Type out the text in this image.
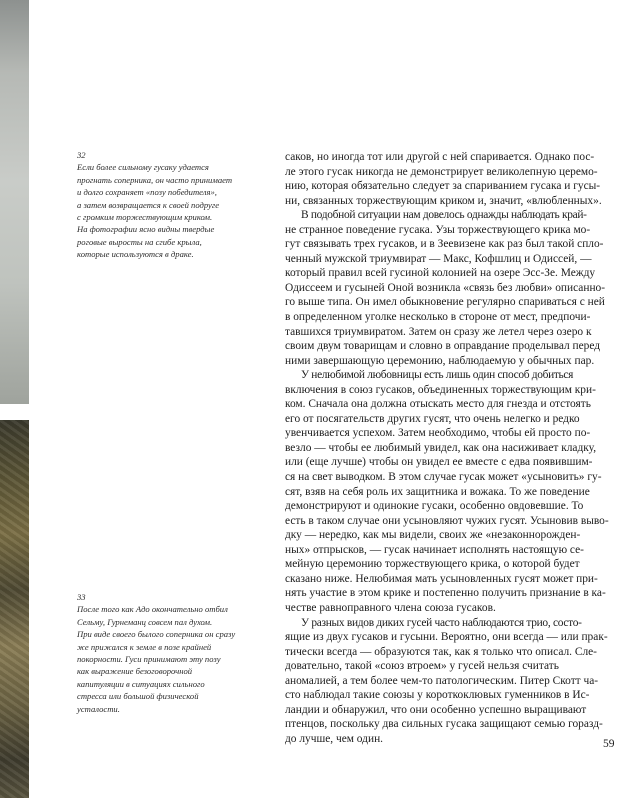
32
Если более сильному гусаку удается
прогнать соперника, он часто принимает
и долго сохраняет «позу победителя»,
а затем возвращается к своей подруге
с громким торжествующим криком.
На фотографии ясно видны твердые
роговые выросты на сгибе крыла,
которые используются в драке.
33
После того как Адо окончательно отбил
Сельму, Гурнеманц совсем пал духом.
При виде своего былого соперника он сразу
же прижался к земле в позе крайней
покорности. Гуси принимают эту позу
как выражение безоговорочной
капитуляции в ситуациях сильного
стресса или большой физической
усталости.
саков, но иногда тот или другой с ней спаривается. Однако пос-
ле этого гусак никогда не демонстрирует великолепную церемо-
нию, которая обязательно следует за спариванием гусака и гусы-
ни, связанных торжествующим криком и, значит, «влюбленных».
В подобной ситуации нам довелось однажды наблюдать край-
не странное поведение гусака. Узы торжествующего крика мо-
гут связывать трех гусаков, и в Зеевизене как раз был такой спло-
ченный мужской триумвират — Макс, Кофшлиц и Одиссей, —
который правил всей гусиной колонией на озере Эсс-Зе. Между
Одиссеем и гусыней Оной возникла «связь без любви» описанно-
го выше типа. Он имел обыкновение регулярно спариваться с ней
в определенном уголке несколько в стороне от мест, предпочи-
тавшихся триумвиратом. Затем он сразу же летел через озеро к
своим двум товарищам и словно в оправдание проделывал перед
ними завершающую церемонию, наблюдаемую у обычных пар.
У нелюбимой любовницы есть лишь один способ добиться
включения в союз гусаков, объединенных торжествующим кри-
ком. Сначала она должна отыскать место для гнезда и отстоять
его от посягательств других гусят, что очень нелегко и редко
увенчивается успехом. Затем необходимо, чтобы ей просто по-
везло — чтобы ее любимый увидел, как она насиживает кладку,
или (еще лучше) чтобы он увидел ее вместе с едва появившим-
ся на свет выводком. В этом случае гусак может «усыновить» гу-
сят, взяв на себя роль их защитника и вожака. То же поведение
демонстрируют и одинокие гусаки, особенно овдовевшие. То
есть в таком случае они усыновляют чужих гусят. Усыновив выво-
дку — нередко, как мы видели, своих же «незаконнорожден-
ных» отпрысков, — гусак начинает исполнять настоящую се-
мейную церемонию торжествующего крика, о которой будет
сказано ниже. Нелюбимая мать усыновленных гусят может при-
нять участие в этом крике и постепенно получить признание в ка-
честве равноправного члена союза гусаков.
У разных видов диких гусей часто наблюдаются трио, состо-
ящие из двух гусаков и гусыни. Вероятно, они всегда — или прак-
тически всегда — образуются так, как я только что описал. Сле-
довательно, такой «союз втроем» у гусей нельзя считать
аномалией, а тем более чем-то патологическим. Питер Скотт ча-
сто наблюдал такие союзы у короткоклювых гуменников в Ис-
ландии и обнаружил, что они особенно успешно выращивают
птенцов, поскольку два сильных гусака защищают семью горазд-
до лучше, чем один.	59
